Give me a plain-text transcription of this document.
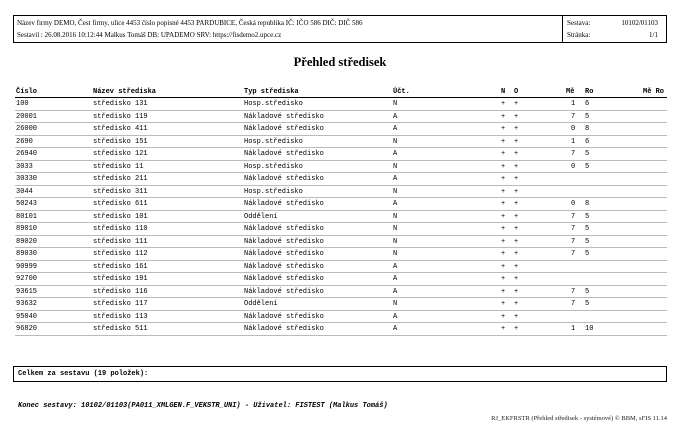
Název firmy DEMO, Čest firmy, ulice 4453 číslo popisné 4453 PARDUBICE, Česká republika IČ: IČO 586 DIČ: DIČ 586
Sestavil : 26.08.2016 10:12:44 Malkus Tomáš DB: UPADEMO SRV: https://fisdemo2.upce.cz
Sestava:	10102/01103
Stránka:	1/1
Přehled středisek
Číslo	Název střediska	Typ střediska	Účt.	N O	Mě Ro	Mě Ro
100	středisko 131	Hosp.středisko	N	+ +	1 6
20001	středisko 119	Nákladové středisko	A	+ +	7 5
26000	středisko 411	Nákladové středisko	A	+ +	0 8
2690	středisko 151	Hosp.středisko	N	+ +	1 6
26940	středisko 121	Nákladové středisko	A	+ +	7 5
3033	středisko 11	Hosp.středisko	N	+ +	0 5
30330	středisko 211	Nákladové středisko	A	+ +
3044	středisko 311	Hosp.středisko	N	+ +
50243	středisko 611	Nákladové středisko	A	+ +	0 8
80101	středisko 101	Oddělení	N	+ +	7 5
89010	středisko 110	Nákladové středisko	N	+ +	7 5
89020	středisko 111	Nákladové středisko	N	+ +	7 5
89030	středisko 112	Nákladové středisko	N	+ +	7 5
90999	středisko 161	Nákladové středisko	A	+ +
92700	středisko 191	Nákladové středisko	A	+ +
93615	středisko 116	Nákladové středisko	A	+ +	7 5
93632	středisko 117	Oddělení	N	+ +	7 5
95040	středisko 113	Nákladové středisko	A	+ +
96820	středisko 511	Nákladové středisko	A	+ +	1 10
Celkem za sestavu (19 položek):
Konec sestavy: 10102/01103(PA011_XMLGEN.F_VEKSTR_UNI) - Uživatel: FISTEST (Malkus Tomáš)
RJ_EKFRSTR (Přehled středisek - systémové) © BBM, sFIS 11.14
